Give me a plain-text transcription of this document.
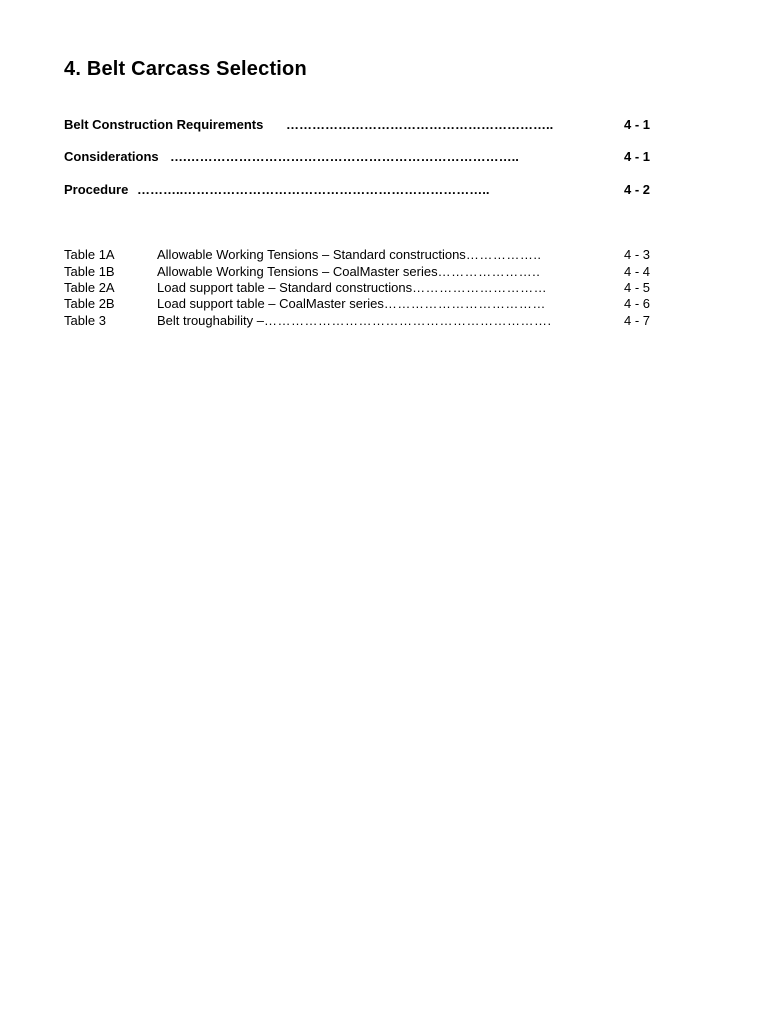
4. Belt Carcass Selection
Belt Construction Requirements ……………………………………………………..	4 - 1
Considerations ….…………………………………………………………………..	4 - 1
Procedure ………..……………………………………………………………..	4 - 2
Table 1A	Allowable Working Tensions – Standard constructions……………..	4 - 3
Table 1B	Allowable Working Tensions – CoalMaster series…………………..	4 - 4
Table 2A	Load support table – Standard constructions…………………………	4 - 5
Table 2B	Load support table – CoalMaster series………………………………	4 - 6
Table 3	Belt troughability –……………………………………………………….	4 - 7
